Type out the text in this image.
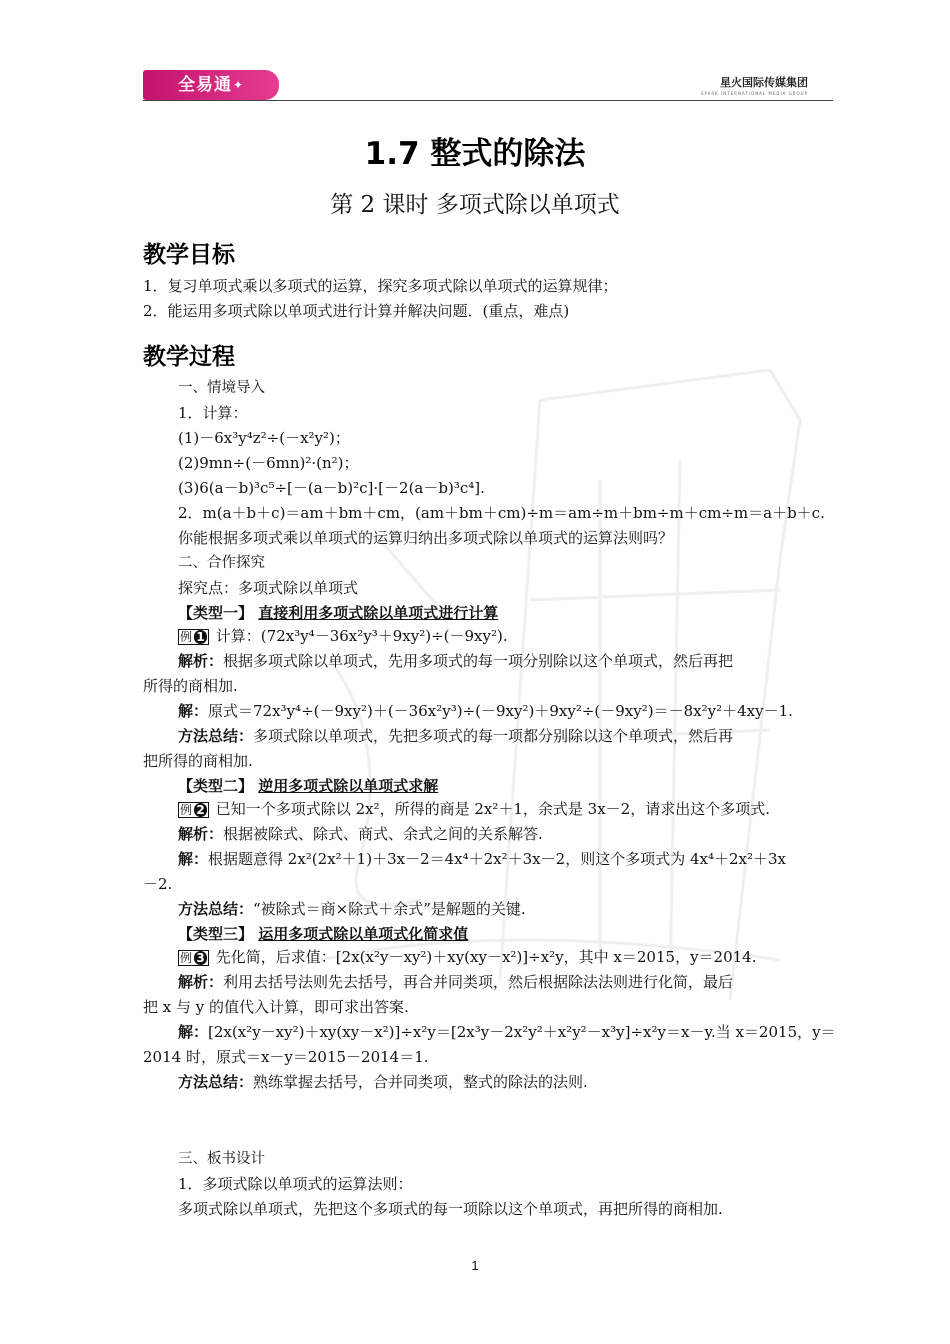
全易通✦	星火国际传媒集团
SPARK INTERNATIONAL MEDIA GROUP
1.7 整式的除法
第 2 课时 多项式除以单项式
教学目标
1．复习单项式乘以多项式的运算，探究多项式除以单项式的运算规律；
2．能运用多项式除以单项式进行计算并解决问题．(重点，难点)
教学过程
一、情境导入
1．计算：
(1)－6x³y⁴z²÷(－x²y²)；
(2)9mn÷(－6mn)²·(n²)；
(3)6(a－b)³c⁵÷[－(a－b)²c]·[－2(a－b)³c⁴].
2．m(a＋b＋c)＝am＋bm＋cm，(am＋bm＋cm)÷m＝am÷m＋bm÷m＋cm÷m＝a＋b＋c.
你能根据多项式乘以单项式的运算归纳出多项式除以单项式的运算法则吗？
二、合作探究
探究点：多项式除以单项式
【类型一】 直接利用多项式除以单项式进行计算
例 1 计算：(72x³y⁴－36x²y³＋9xy²)÷(－9xy²).
解析：根据多项式除以单项式，先用多项式的每一项分别除以这个单项式，然后再把
所得的商相加.
解：原式＝72x³y⁴÷(－9xy²)＋(－36x²y³)÷(－9xy²)＋9xy²÷(－9xy²)＝－8x²y²＋4xy－1.
方法总结：多项式除以单项式，先把多项式的每一项都分别除以这个单项式，然后再
把所得的商相加.
【类型二】 逆用多项式除以单项式求解
例 2 已知一个多项式除以 2x²，所得的商是 2x²＋1，余式是 3x－2，请求出这个多项式.
解析：根据被除式、除式、商式、余式之间的关系解答.
解：根据题意得 2x²(2x²＋1)＋3x－2＝4x⁴＋2x²＋3x－2，则这个多项式为 4x⁴＋2x²＋3x
－2.
方法总结：“被除式＝商×除式＋余式”是解题的关键.
【类型三】 运用多项式除以单项式化简求值
例 3 先化简，后求值：[2x(x²y－xy²)＋xy(xy－x²)]÷x²y，其中 x＝2015，y＝2014.
解析：利用去括号法则先去括号，再合并同类项，然后根据除法法则进行化简，最后
把 x 与 y 的值代入计算，即可求出答案.
解：[2x(x²y－xy²)＋xy(xy－x²)]÷x²y＝[2x³y－2x²y²＋x²y²－x³y]÷x²y＝x－y.当 x＝2015，y＝
2014 时，原式＝x－y＝2015－2014＝1.
方法总结：熟练掌握去括号，合并同类项，整式的除法的法则.
三、板书设计
1．多项式除以单项式的运算法则：
多项式除以单项式，先把这个多项式的每一项除以这个单项式，再把所得的商相加.
1
